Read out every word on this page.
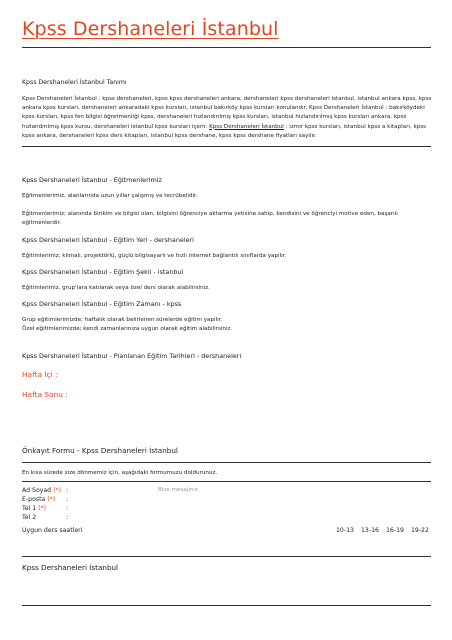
Kpss Dershaneleri İstanbul
Kpss Dershaneleri İstanbul Tanımı
Kpss Dershaneleri İstanbul : kpss dershaneleri, kpss kpss dershaneleri ankara, dershaneleri kpss dershaneleri istanbul, istanbul ankara kpss, kpss ankara kpss kursları, dershaneleri ankaradaki kpss kursları, istanbul bakırköy kpss kursları konulandır. Kpss Dershaneleri İstanbul : bakırköydeki kpss kursları, kpss fen bilgisi öğretmenliği kpss, dershaneleri hızlandırılmış kpss kursları, istanbul hızlandırılmış kpss kursları ankara, kpss hızlandırılmış kpss kursu, dershaneleri istanbul kpss kursları içerir. Kpss Dershaneleri İstanbul : izmir kpss kursları, istanbul kpss a kitapları, kpss kpss ankara, dershaneleri kpss ders kitapları, istanbul kpss dershane, kpss kpss dershane fiyatları sayılır.
Kpss Dershaneleri İstanbul - Eğitmenlerimiz
Eğitmenlerimiz, alanlarında uzun yıllar çalışmış ve tecrübelidir.
Eğitmenlerimiz; alanında birikim ve bilgisi olan, bilgisini öğrenciye aktarma yetisine sahip, kendisini ve öğrenciyi motive eden, başarılı eğitmenlerdir.
Kpss Dershaneleri İstanbul - Eğitim Yeri - dershaneleri
Eğitimlerimiz; klimalı, projektörlü, güçlü bilgisayarlı ve hızlı internet bağlantılı sınıflarda yapılır.
Kpss Dershaneleri İstanbul - Eğitim Şekli - istanbul
Eğitimlerimiz, grup'lara katılarak veya özel ders olarak alabilirsiniz.
Kpss Dershaneleri İstanbul - Eğitim Zamanı - kpss
Grup eğitimlerimizde; haftalık olarak belirlenen sürelerde eğitim yapılır.
Özel eğitimlerimizde; kendi zamanlarınıza uygun olarak eğitim alabilirsiniz.
Kpss Dershaneleri İstanbul - Planlanan Eğitim Tarihleri - dershaneleri
Hafta İçi :
Hafta Sonu :
Önkayıt Formu - Kpss Dershaneleri İstanbul
En kısa sürede size dönmemiz için, aşağıdaki formumuzu doldurunuz.
Ad Soyad (*) :
E-posta (*) :
Tel 1 (*)	:
Tel 2	:
Bize mesajınız
Uygun ders saatleri	10-13 13-16 16-19 19-22
Kpss Dershaneleri İstanbul
